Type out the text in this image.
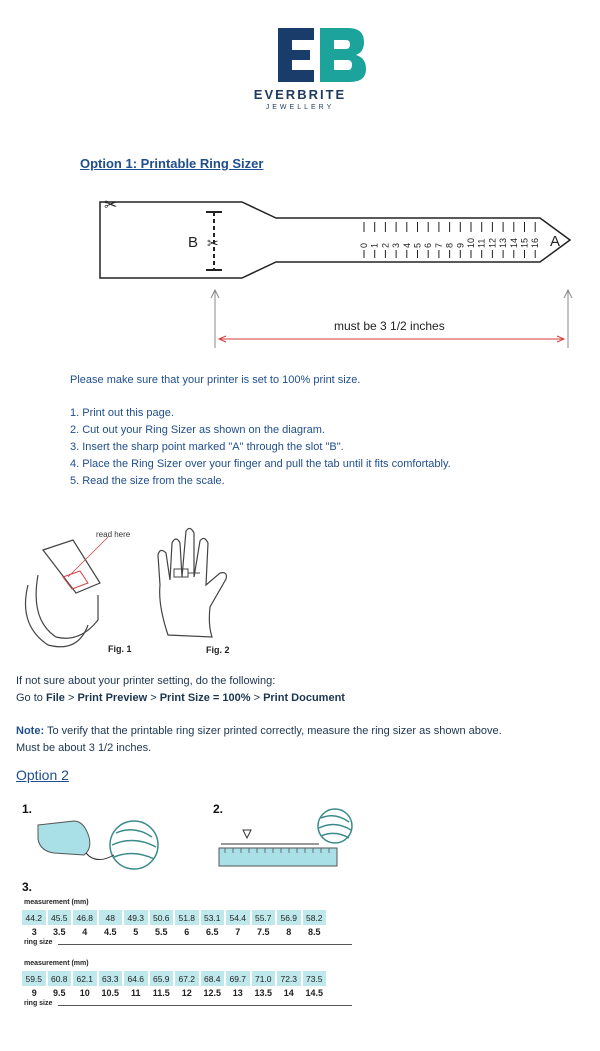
EVERBRITE
JEWELLERY
Option 1: Printable Ring Sizer
✂
✂
B	A
0 1 2 3 4 5 6 7 8 9 10 11 12 13 14 15 16
must be 3 1/2 inches
Please make sure that your printer is set to 100% print size.
1. Print out this page.
2. Cut out your Ring Sizer as shown on the diagram.
3. Insert the sharp point marked "A" through the slot "B".
4. Place the Ring Sizer over your finger and pull the tab until it fits comfortably.
5. Read the size from the scale.
read here
Fig. 1	Fig. 2
If not sure about your printer setting, do the following:
Go to File > Print Preview > Print Size = 100% > Print Document
Note: To verify that the printable ring sizer printed correctly, measure the ring sizer as shown above.
Must be about 3 1/2 inches.
Option 2
1.	2.
3.
measurement (mm)
44.2	45.5	46.8	48	49.3	50.6	51.8	53.1	54.4	55.7	56.9	58.2
3	3.5	4	4.5	5	5.5	6	6.5	7	7.5	8	8.5
ring size
measurement (mm)
59.5	60.8	62.1	63.3	64.6	65.9	67.2	68.4	69.7	71.0	72.3	73.5
9	9.5	10	10.5	11	11.5	12	12.5	13	13.5	14	14.5
ring size
